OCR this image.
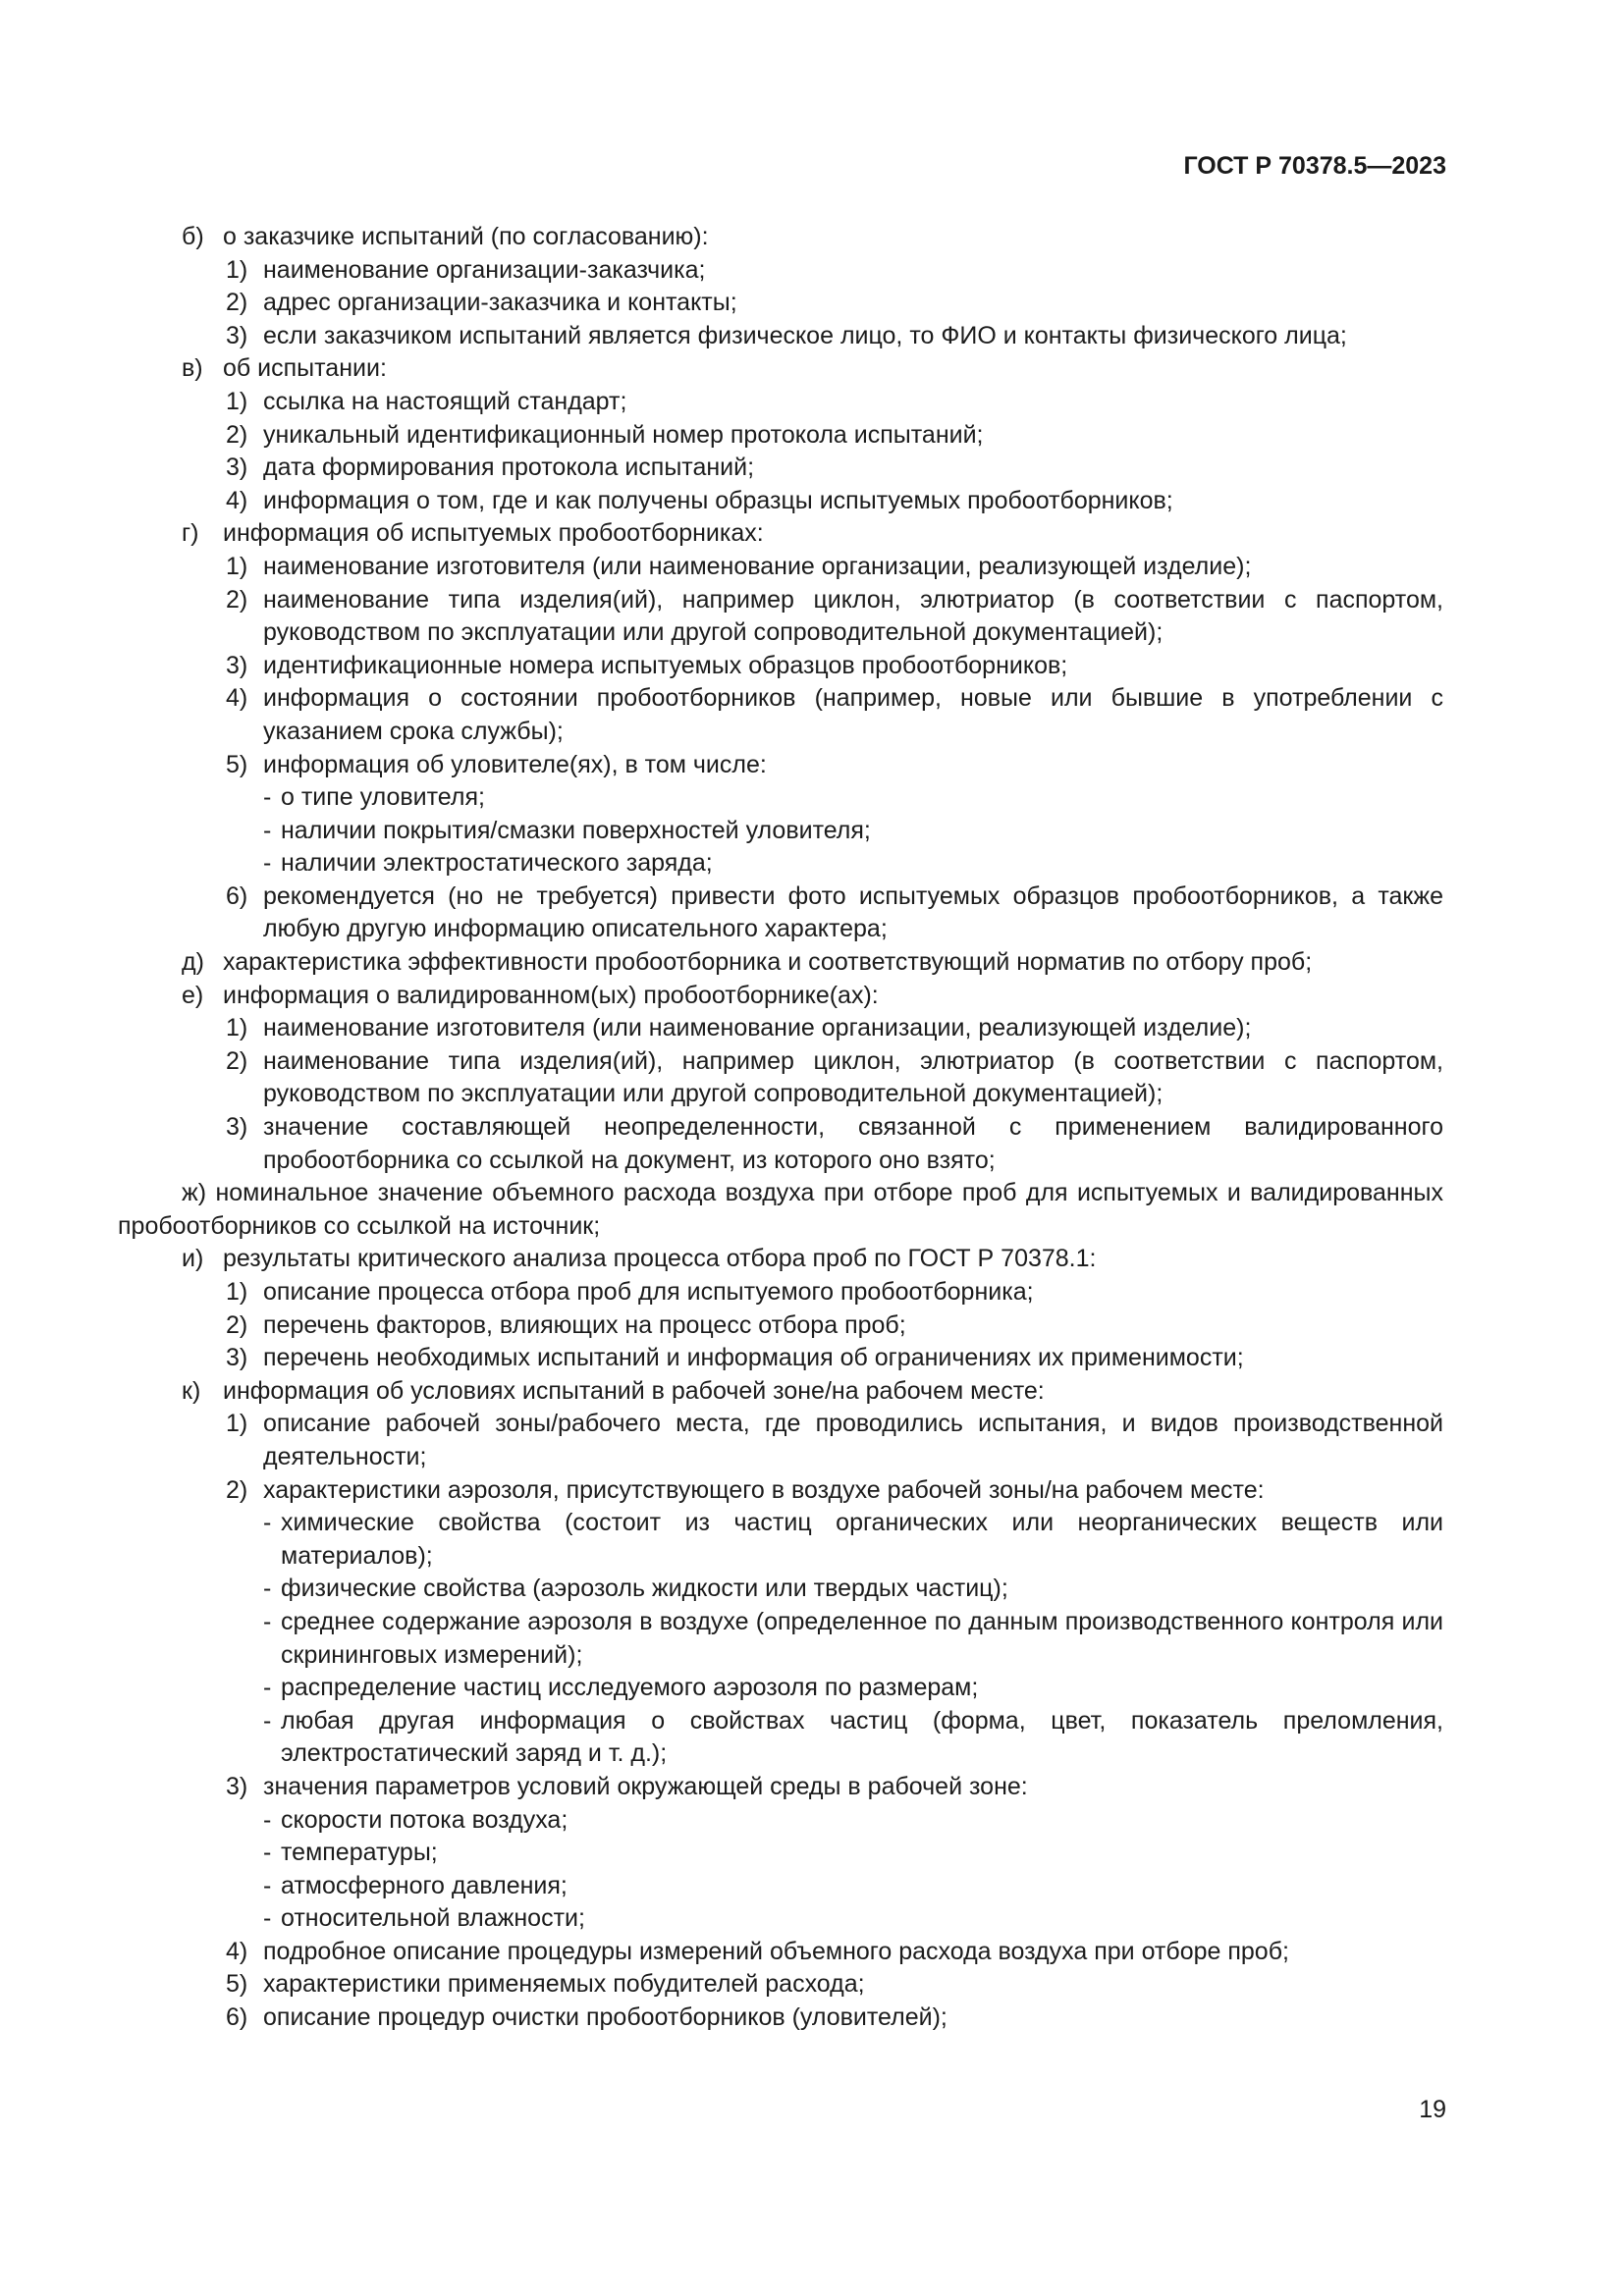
ГОСТ Р 70378.5—2023
б) о заказчике испытаний (по согласованию):
1) наименование организации-заказчика;
2) адрес организации-заказчика и контакты;
3) если заказчиком испытаний является физическое лицо, то ФИО и контакты физического лица;
в) об испытании:
1) ссылка на настоящий стандарт;
2) уникальный идентификационный номер протокола испытаний;
3) дата формирования протокола испытаний;
4) информация о том, где и как получены образцы испытуемых пробоотборников;
г) информация об испытуемых пробоотборниках:
1) наименование изготовителя (или наименование организации, реализующей изделие);
2) наименование типа изделия(ий), например циклон, элютриатор (в соответствии с паспортом, руководством по эксплуатации или другой сопроводительной документацией);
3) идентификационные номера испытуемых образцов пробоотборников;
4) информация о состоянии пробоотборников (например, новые или бывшие в употреблении с указанием срока службы);
5) информация об уловителе(ях), в том числе:
- о типе уловителя;
- наличии покрытия/смазки поверхностей уловителя;
- наличии электростатического заряда;
6) рекомендуется (но не требуется) привести фото испытуемых образцов пробоотборников, а также любую другую информацию описательного характера;
д) характеристика эффективности пробоотборника и соответствующий норматив по отбору проб;
е) информация о валидированном(ых) пробоотборнике(ах):
1) наименование изготовителя (или наименование организации, реализующей изделие);
2) наименование типа изделия(ий), например циклон, элютриатор (в соответствии с паспортом, руководством по эксплуатации или другой сопроводительной документацией);
3) значение составляющей неопределенности, связанной с применением валидированного пробоотборника со ссылкой на документ, из которого оно взято;
ж) номинальное значение объемного расхода воздуха при отборе проб для испытуемых и валидированных пробоотборников со ссылкой на источник;
и) результаты критического анализа процесса отбора проб по ГОСТ Р 70378.1:
1) описание процесса отбора проб для испытуемого пробоотборника;
2) перечень факторов, влияющих на процесс отбора проб;
3) перечень необходимых испытаний и информация об ограничениях их применимости;
к) информация об условиях испытаний в рабочей зоне/на рабочем месте:
1) описание рабочей зоны/рабочего места, где проводились испытания, и видов производственной деятельности;
2) характеристики аэрозоля, присутствующего в воздухе рабочей зоны/на рабочем месте:
- химические свойства (состоит из частиц органических или неорганических веществ или материалов);
- физические свойства (аэрозоль жидкости или твердых частиц);
- среднее содержание аэрозоля в воздухе (определенное по данным производственного контроля или скрининговых измерений);
- распределение частиц исследуемого аэрозоля по размерам;
- любая другая информация о свойствах частиц (форма, цвет, показатель преломления, электростатический заряд и т. д.);
3) значения параметров условий окружающей среды в рабочей зоне:
- скорости потока воздуха;
- температуры;
- атмосферного давления;
- относительной влажности;
4) подробное описание процедуры измерений объемного расхода воздуха при отборе проб;
5) характеристики применяемых побудителей расхода;
6) описание процедур очистки пробоотборников (уловителей);
19
